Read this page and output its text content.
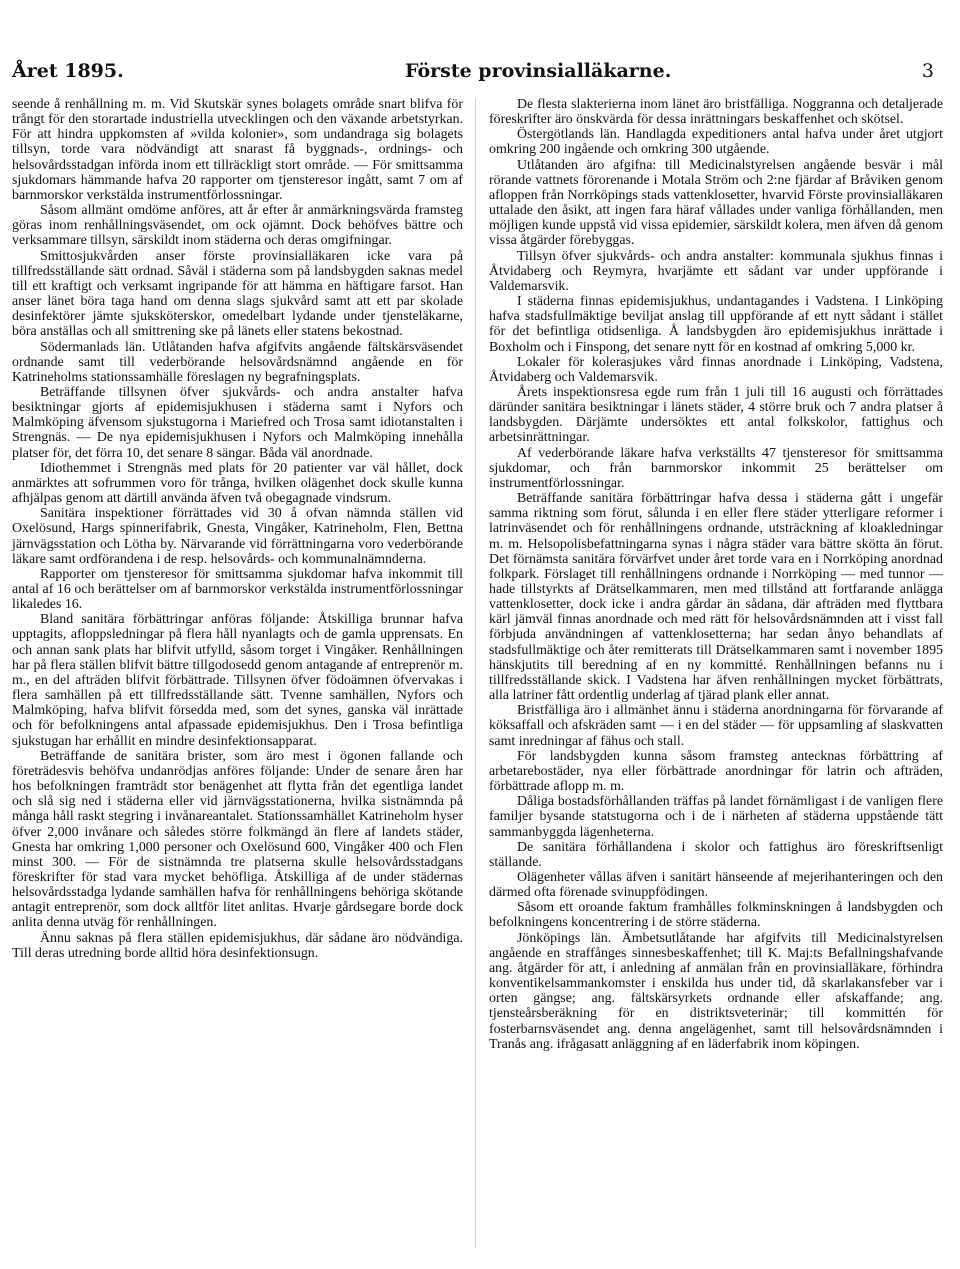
Året 1895.	Förste provinsialläkarne.	3

seende å renhållning m. m. Vid Skutskär synes bolagets område snart blifva för trångt för den storartade industriella utvecklingen och den växande arbetstyrkan. För att hindra uppkomsten af »vilda kolonier», som undandraga sig bolagets tillsyn, torde vara nödvändigt att snarast få byggnads-, ordnings- och helsovårdsstadgan införda inom ett tillräckligt stort område. — För smittsamma sjukdomars hämmande hafva 20 rapporter om tjensteresor ingått, samt 7 om af barnmorskor verkstälda instrumentförlossningar.

Såsom allmänt omdöme anföres, att år efter år anmärkningsvärda framsteg göras inom renhållningsväsendet, om ock ojämnt. Dock behöfves bättre och verksammare tillsyn, särskildt inom städerna och deras omgifningar.

Smittosjukvården anser förste provinsialläkaren icke vara på tillfredsställande sätt ordnad. Såväl i städerna som på landsbygden saknas medel till ett kraftigt och verksamt ingripande för att hämma en häftigare farsot. Han anser länet böra taga hand om denna slags sjukvård samt att ett par skolade desinfektörer jämte sjuksköterskor, omedelbart lydande under tjensteläkarne, böra anställas och all smittrening ske på länets eller statens bekostnad.

Södermanlads län. Utlåtanden hafva afgifvits angående fältskärsväsendet ordnande samt till vederbörande helsovårdsnämnd angående en för Katrineholms stationssamhälle föreslagen ny begrafningsplats.

Beträffande tillsynen öfver sjukvårds- och andra anstalter hafva besiktningar gjorts af epidemisjukhusen i städerna samt i Nyfors och Malmköping äfvensom sjukstugorna i Mariefred och Trosa samt idiotanstalten i Strengnäs. — De nya epidemisjukhusen i Nyfors och Malmköping innehålla platser för, det förra 10, det senare 8 sängar. Båda väl anordnade.

Idiothemmet i Strengnäs med plats för 20 patienter var väl hållet, dock anmärktes att sofrummen voro för trånga, hvilken olägenhet dock skulle kunna afhjälpas genom att därtill använda äfven två obegagnade vindsrum.

Sanitära inspektioner förrättades vid 30 å ofvan nämnda ställen vid Oxelösund, Hargs spinnerifabrik, Gnesta, Vingåker, Katrineholm, Flen, Bettna järnvägsstation och Lötha by. Närvarande vid förrättningarna voro vederbörande läkare samt ordförandena i de resp. helsovårds- och kommunalnämnderna.

Rapporter om tjensteresor för smittsamma sjukdomar hafva inkommit till antal af 16 och berättelser om af barnmorskor verkstälda instrumentförlossningar likaledes 16.

Bland sanitära förbättringar anföras följande: Åtskilliga brunnar hafva upptagits, afloppsledningar på flera håll nyanlagts och de gamla upprensats. En och annan sank plats har blifvit utfylld, såsom torget i Vingåker. Renhållningen har på flera ställen blifvit bättre tillgodosedd genom antagande af entreprenör m. m., en del afträden blifvit förbättrade. Tillsynen öfver födoämnen öfvervakas i flera samhällen på ett tillfredsställande sätt. Tvenne samhällen, Nyfors och Malmköping, hafva blifvit försedda med, som det synes, ganska väl inrättade och för befolkningens antal afpassade epidemisjukhus. Den i Trosa befintliga sjukstugan har erhållit en mindre desinfektionsapparat.

Beträffande de sanitära brister, som äro mest i ögonen fallande och företrädesvis behöfva undanrödjas anföres följande: Under de senare åren har hos befolkningen framträdt stor benägenhet att flytta från det egentliga landet och slå sig ned i städerna eller vid järnvägsstationerna, hvilka sistnämnda på många håll raskt stegring i invånareantalet. Stationssamhället Katrineholm hyser öfver 2,000 invånare och således större folkmängd än flere af landets städer, Gnesta har omkring 1,000 personer och Oxelösund 600, Vingåker 400 och Flen minst 300. — För de sistnämnda tre platserna skulle helsovårdsstadgans föreskrifter för stad vara mycket behöfliga. Åtskilliga af de under städernas helsovårdsstadga lydande samhällen hafva för renhållningens behöriga skötande antagit entreprenör, som dock alltför litet anlitas. Hvarje gårdsegare borde dock anlita denna utväg för renhållningen.

Ännu saknas på flera ställen epidemisjukhus, där sådane äro nödvändiga. Till deras utredning borde alltid höra desinfektionsugn.

De flesta slakterierna inom länet äro bristfälliga. Noggranna och detaljerade föreskrifter äro önskvärda för dessa inrättningars beskaffenhet och skötsel.

Östergötlands län. Handlagda expeditioners antal hafva under året utgjort omkring 200 ingående och omkring 300 utgående.

Utlåtanden äro afgifna: till Medicinalstyrelsen angående besvär i mål rörande vattnets förorenande i Motala Ström och 2:ne fjärdar af Bråviken genom afloppen från Norrköpings stads vattenklosetter, hvarvid Förste provinsialläkaren uttalade den åsikt, att ingen fara häraf vållades under vanliga förhållanden, men möjligen kunde uppstå vid vissa epidemier, särskildt kolera, men äfven då genom vissa åtgärder förebyggas.

Tillsyn öfver sjukvårds- och andra anstalter: kommunala sjukhus finnas i Åtvidaberg och Reymyra, hvarjämte ett sådant var under uppförande i Valdemarsvik.

I städerna finnas epidemisjukhus, undantagandes i Vadstena. I Linköping hafva stadsfullmäktige beviljat anslag till uppförande af ett nytt sådant i stället för det befintliga otidsenliga. Å landsbygden äro epidemisjukhus inrättade i Boxholm och i Finspong, det senare nytt för en kostnad af omkring 5,000 kr.

Lokaler för kolerasjukes vård finnas anordnade i Linköping, Vadstena, Åtvidaberg och Valdemarsvik.

Årets inspektionsresa egde rum från 1 juli till 16 augusti och förrättades däründer sanitära besiktningar i länets städer, 4 större bruk och 7 andra platser å landsbygden. Därjämte undersöktes ett antal folkskolor, fattighus och arbetsinrättningar.

Af vederbörande läkare hafva verkställts 47 tjensteresor för smittsamma sjukdomar, och från barnmorskor inkommit 25 berättelser om instrumentförlossningar.

Beträffande sanitära förbättringar hafva dessa i städerna gått i ungefär samma riktning som förut, sålunda i en eller flere städer ytterligare reformer i latrinväsendet och för renhållningens ordnande, utsträckning af kloakledningar m. m. Helsopolisbefattningarna synas i några städer vara bättre skötta än förut. Det förnämsta sanitära förvärfvet under året torde vara en i Norrköping anordnad folkpark. Förslaget till renhållningens ordnande i Norrköping — med tunnor — hade tillstyrkts af Drätselkammaren, men med tillstånd att fortfarande anlägga vattenklosetter, dock icke i andra gårdar än sådana, där afträden med flyttbara kärl jämväl finnas anordnade och med rätt för helsovårdsnämnden att i visst fall förbjuda användningen af vattenklosetterna; har sedan ånyo behandlats af stadsfullmäktige och åter remitterats till Drätselkammaren samt i november 1895 hänskjutits till beredning af en ny kommitté. Renhållningen befanns nu i tillfredsställande skick. I Vadstena har äfven renhållningen mycket förbättrats, alla latriner fått ordentlig underlag af tjärad plank eller annat.

Bristfälliga äro i allmänhet ännu i städerna anordningarna för förvarande af köksaffall och afskräden samt — i en del städer — för uppsamling af slaskvatten samt inredningar af fähus och stall.

För landsbygden kunna såsom framsteg antecknas förbättring af arbetarebostäder, nya eller förbättrade anordningar för latrin och afträden, förbättrade aflopp m. m.

Dåliga bostadsförhållanden träffas på landet förnämligast i de vanligen flere familjer bysande statstugorna och i de i närheten af städerna uppstående tätt sammanbyggda lägenheterna.

De sanitära förhållandena i skolor och fattighus äro föreskriftsenligt ställande.

Olägenheter vållas äfven i sanitärt hänseende af mejerihanteringen och den därmed ofta förenade svinuppfödingen.

Såsom ett oroande faktum framhålles folkminskningen å landsbygden och befolkningens koncentrering i de större städerna.

Jönköpings län. Ämbetsutlåtande har afgifvits till Medicinalstyrelsen angående en straffånges sinnesbeskaffenhet; till K. Maj:ts Befallningshafvande ang. åtgärder för att, i anledning af anmälan från en provinsialläkare, förhindra konventikelsammankomster i enskilda hus under tid, då skarlakansfeber var i orten gängse; ang. fältskärsyrkets ordnande eller afskaffande; ang. tjensteårsberäkning för en distriktsveterinär; till kommittén för fosterbarnsväsendet ang. denna angelägenhet, samt till helsovårdsnämnden i Tranås ang. ifrågasatt anläggning af en läderfabrik inom köpingen.
